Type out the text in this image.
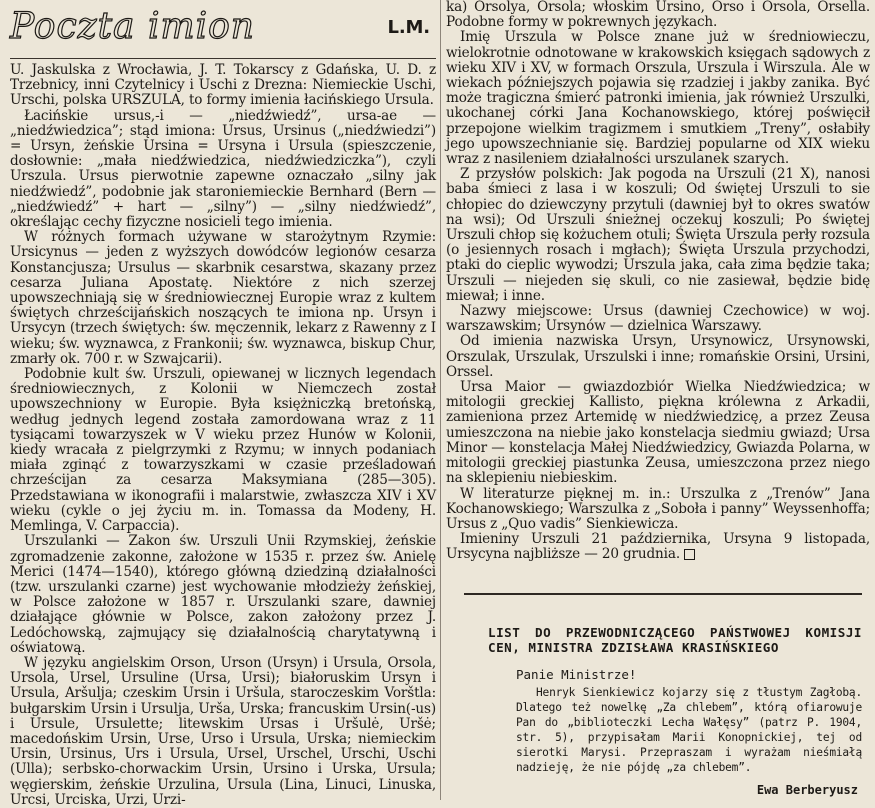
Poczta imion	L.M.

U. Jaskulska z Wrocławia, J. T. Tokarscy z Gdańska, U. D. z Trzebnicy, inni Czytelnicy i Uschi z Drezna: Niemieckie Uschi, Urschi, polska URSZULA, to formy imienia łacińskiego Ursula.

Łacińskie ursus,-i — „niedźwiedź”, ursa-ae — „niedźwiedzica”; stąd imiona: Ursus, Ursinus („niedźwiedzi”) = Ursyn, żeńskie Ursina = Ursyna i Ursula (spieszczenie, dosłownie: „mała niedźwiedzica, niedźwiedziczka”), czyli Urszula. Ursus pierwotnie zapewne oznaczało „silny jak niedźwiedź”, podobnie jak staroniemieckie Bernhard (Bern — „niedźwiedź” + hart — „silny”) — „silny niedźwiedź”, określając cechy fizyczne nosicieli tego imienia.

W różnych formach używane w starożytnym Rzymie: Ursicynus — jeden z wyższych dowódców legionów cesarza Konstancjusza; Ursulus — skarbnik cesarstwa, skazany przez cesarza Juliana Apostatę. Niektóre z nich szerzej upowszechniają się w średniowiecznej Europie wraz z kultem świętych chrześcijańskich noszących te imiona np. Ursyn i Ursycyn (trzech świętych: św. męczennik, lekarz z Rawenny z I wieku; św. wyznawca, z Frankonii; św. wyznawca, biskup Chur, zmarły ok. 700 r. w Szwajcarii).

Podobnie kult św. Urszuli, opiewanej w licznych legendach średniowiecznych, z Kolonii w Niemczech został upowszechniony w Europie. Była księżniczką bretońską, według jednych legend została zamordowana wraz z 11 tysiącami towarzyszek w V wieku przez Hunów w Kolonii, kiedy wracała z pielgrzymki z Rzymu; w innych podaniach miała zginąć z towarzyszkami w czasie prześladowań chrześcijan za cesarza Maksymiana (285—305). Przedstawiana w ikonografii i malarstwie, zwłaszcza XIV i XV wieku (cykle o jej życiu m. in. Tomassa da Modeny, H. Memlinga, V. Carpaccia).

Urszulanki — Zakon św. Urszuli Unii Rzymskiej, żeńskie zgromadzenie zakonne, założone w 1535 r. przez św. Anielę Merici (1474—1540), którego główną dziedziną działalności (tzw. urszulanki czarne) jest wychowanie młodzieży żeńskiej, w Polsce założone w 1857 r. Urszulanki szare, dawniej działające głównie w Polsce, zakon założony przez J. Ledóchowską, zajmujący się działalnością charytatywną i oświatową.

W języku angielskim Orson, Urson (Ursyn) i Ursula, Orsola, Ursola, Ursel, Ursuline (Ursa, Ursi); białoruskim Ursyn i Ursula, Aršulja; czeskim Ursin i Uršula, staroczeskim Vorštla: bułgarskim Ursin i Ursulja, Urša, Urska; francuskim Ursin(-us) i Ursule, Ursulette; litewskim Ursas i Uršulė, Uršė; macedońskim Ursin, Urse, Urso i Ursula, Urska; niemieckim Ursin, Ursinus, Urs i Ursula, Ursel, Urschel, Urschi, Uschi (Ulla); serbsko-chorwackim Ursin, Ursino i Urska, Ursula; węgierskim, żeńskie Urzulina, Ursula (Lina, Linuci, Linuska, Urcsi, Urciska, Urzi, Urzi-

ka) Orsolya, Orsola; włoskim Ursino, Orso i Orsola, Orsella. Podobne formy w pokrewnych językach.

Imię Urszula w Polsce znane już w średniowieczu, wielokrotnie odnotowane w krakowskich księgach sądowych z wieku XIV i XV, w formach Orszula, Urszula i Wirszula. Ale w wiekach późniejszych pojawia się rzadziej i jakby zanika. Być może tragiczna śmierć patronki imienia, jak również Urszulki, ukochanej córki Jana Kochanowskiego, której poświęcił przepojone wielkim tragizmem i smutkiem „Treny”, osłabiły jego upowszechnianie się. Bardziej popularne od XIX wieku wraz z nasileniem działalności urszulanek szarych.

Z przysłów polskich: Jak pogoda na Urszuli (21 X), nanosi baba śmieci z lasa i w koszuli; Od świętej Urszuli to sie chłopiec do dziewczyny przytuli (dawniej był to okres swatów na wsi); Od Urszuli śnieżnej oczekuj koszuli; Po świętej Urszuli chłop się kożuchem otuli; Święta Urszula perły rozsula (o jesiennych rosach i mgłach); Święta Urszula przychodzi, ptaki do cieplic wywodzi; Urszula jaka, cała zima będzie taka; Urszuli — niejeden się skuli, co nie zasiewał, będzie bidę miewał; i inne.

Nazwy miejscowe: Ursus (dawniej Czechowice) w woj. warszawskim; Ursynów — dzielnica Warszawy.

Od imienia nazwiska Ursyn, Ursynowicz, Ursynowski, Orszulak, Urszulak, Urszulski i inne; romańskie Orsini, Ursini, Orssel.

Ursa Maior — gwiazdozbiór Wielka Niedźwiedzica; w mitologii greckiej Kallisto, piękna królewna z Arkadii, zamieniona przez Artemidę w niedźwiedzicę, a przez Zeusa umieszczona na niebie jako konstelacja siedmiu gwiazd; Ursa Minor — konstelacja Małej Niedźwiedzicy, Gwiazda Polarna, w mitologii greckiej piastunka Zeusa, umieszczona przez niego na sklepieniu niebieskim.

W literaturze pięknej m. in.: Urszulka z „Trenów” Jana Kochanowskiego; Warszulka z „Soboła i panny” Weyssenhoffa; Ursus z „Quo vadis” Sienkiewicza.

Imieniny Urszuli 21 października, Ursyna 9 listopada, Ursycyna najbliższe — 20 grudnia.

LIST DO PRZEWODNICZĄCEGO PAŃSTWOWEJ KOMISJI CEN, MINISTRA ZDZISŁAWA KRASIŃSKIEGO
Panie Ministrze!
Henryk Sienkiewicz kojarzy się z tłustym Zagłobą. Dlatego też nowelkę „Za chlebem”, którą ofiarowuje Pan do „biblioteczki Lecha Wałęsy” (patrz P. 1904, str. 5), przypisałam Marii Konopnickiej, tej od sierotki Marysi. Przepraszam i wyrażam nieśmiałą nadzieję, że nie pójdę „za chlebem”.
Ewa Berberyusz
